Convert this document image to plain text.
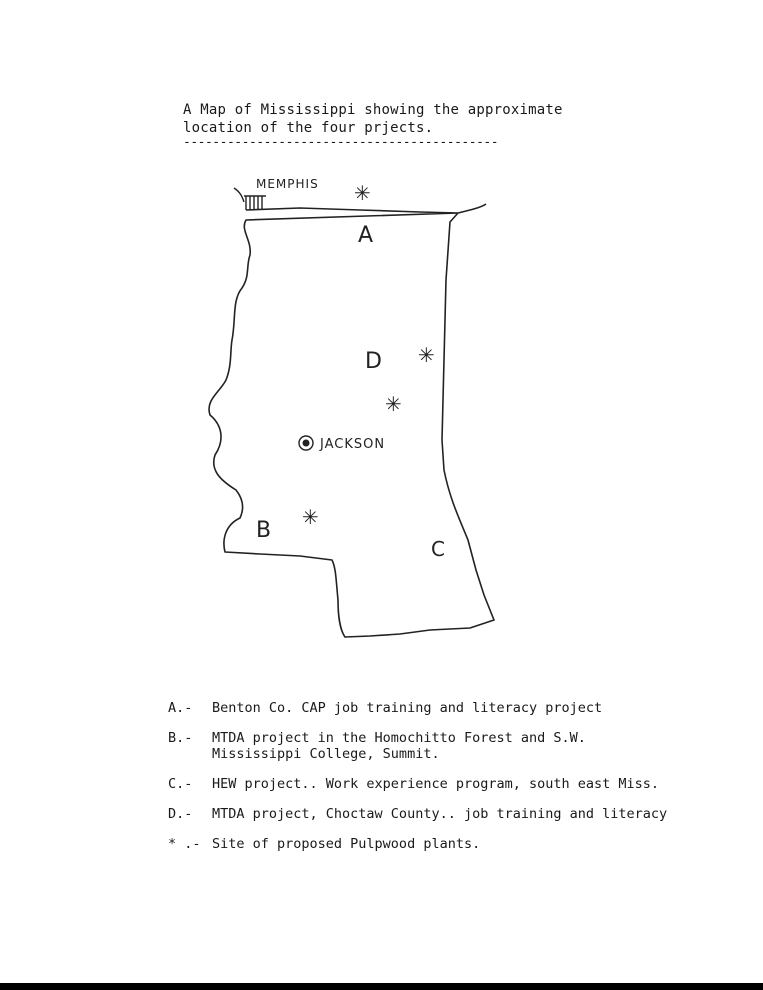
A Map of Mississippi showing the approximate
location of the four prjects.
-------------------------------------------
MEMPHIS
A
D
B
C
✳
✳
✳
✳
JACKSON
A.-	Benton Co. CAP job training and literacy project
B.-	MTDA project in the Homochitto Forest and S.W.
Mississippi College, Summit.
C.-	HEW project.. Work experience program, south east Miss.
D.-	MTDA project, Choctaw County.. job training and literacy
* .- Site of proposed Pulpwood plants.
